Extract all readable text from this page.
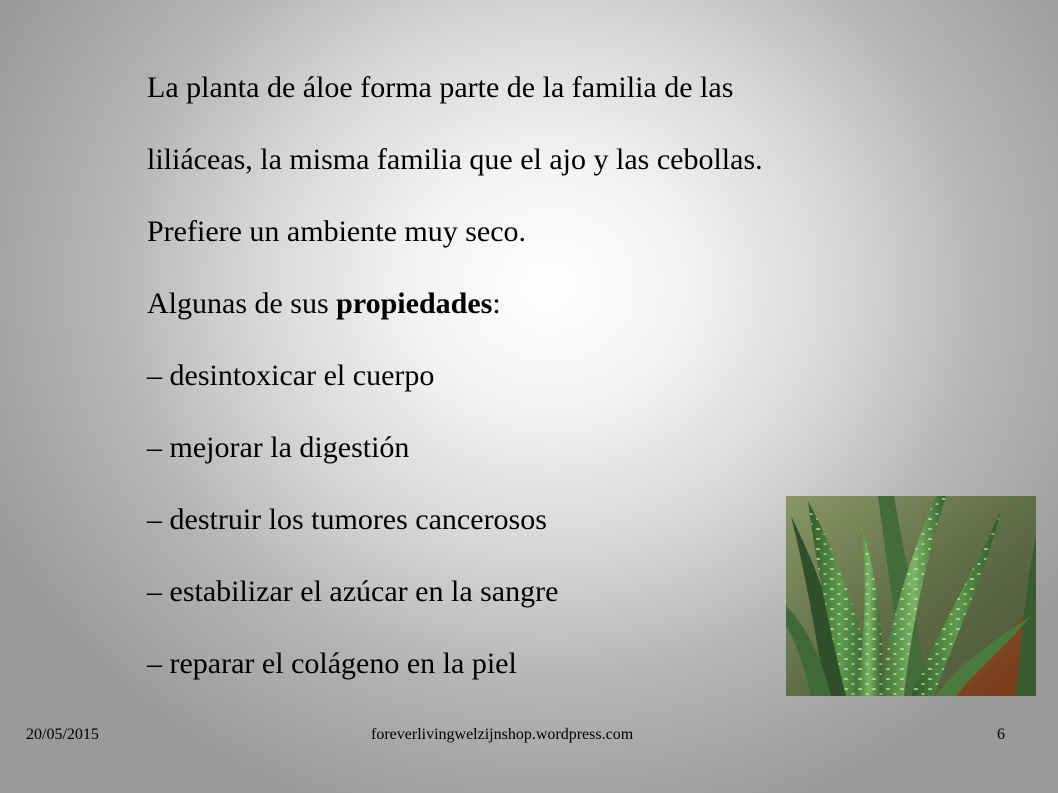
La planta de áloe forma parte de la familia de las
liliáceas, la misma familia que el ajo y las cebollas.
Prefiere un ambiente muy seco.
Algunas de sus propiedades:
– desintoxicar el cuerpo
– mejorar la digestión
– destruir los tumores cancerosos
– estabilizar el azúcar en la sangre
– reparar el colágeno en la piel
20/05/2015	foreverlivingwelzijnshop.wordpress.com	6
